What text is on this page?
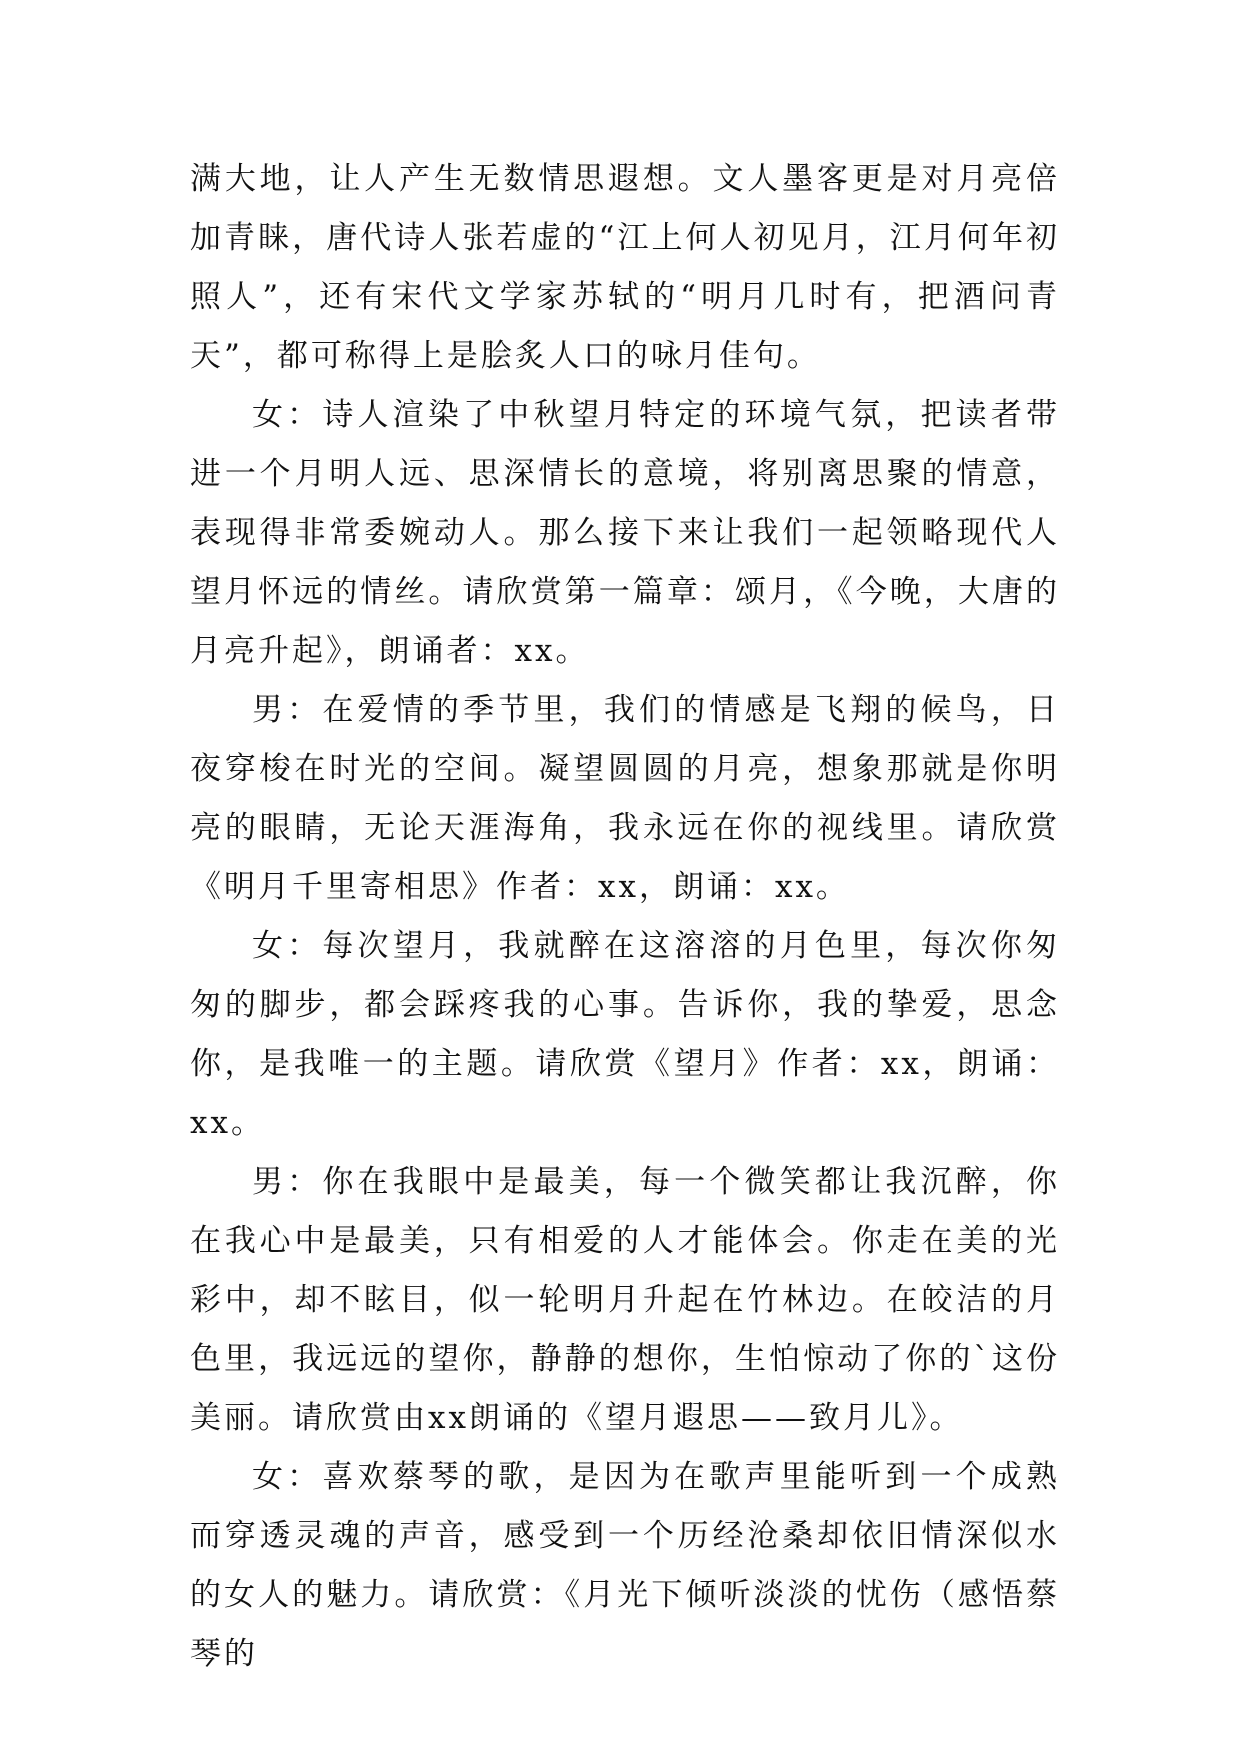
满大地，让人产生无数情思遐想。文人墨客更是对月亮倍加青睐，唐代诗人张若虚的“江上何人初见月，江月何年初照人”，还有宋代文学家苏轼的“明月几时有，把酒问青天”，都可称得上是脍炙人口的咏月佳句。

女：诗人渲染了中秋望月特定的环境气氛，把读者带进一个月明人远、思深情长的意境，将别离思聚的情意，表现得非常委婉动人。那么接下来让我们一起领略现代人望月怀远的情丝。请欣赏第一篇章：颂月，《今晚，大唐的月亮升起》，朗诵者：xx。

男：在爱情的季节里，我们的情感是飞翔的候鸟，日夜穿梭在时光的空间。凝望圆圆的月亮，想象那就是你明亮的眼睛，无论天涯海角，我永远在你的视线里。请欣赏《明月千里寄相思》作者：xx，朗诵：xx。

女：每次望月，我就醉在这溶溶的月色里，每次你匆匆的脚步，都会踩疼我的心事。告诉你，我的挚爱，思念你，是我唯一的主题。请欣赏《望月》作者：xx，朗诵：xx。

男：你在我眼中是最美，每一个微笑都让我沉醉，你在我心中是最美，只有相爱的人才能体会。你走在美的光彩中，却不眩目，似一轮明月升起在竹林边。在皎洁的月色里，我远远的望你，静静的想你，生怕惊动了你的`这份美丽。请欣赏由xx朗诵的《望月遐思——致月儿》。

女：喜欢蔡琴的歌，是因为在歌声里能听到一个成熟而穿透灵魂的声音，感受到一个历经沧桑却依旧情深似水的女人的魅力。请欣赏：《月光下倾听淡淡的忧伤（感悟蔡琴的
